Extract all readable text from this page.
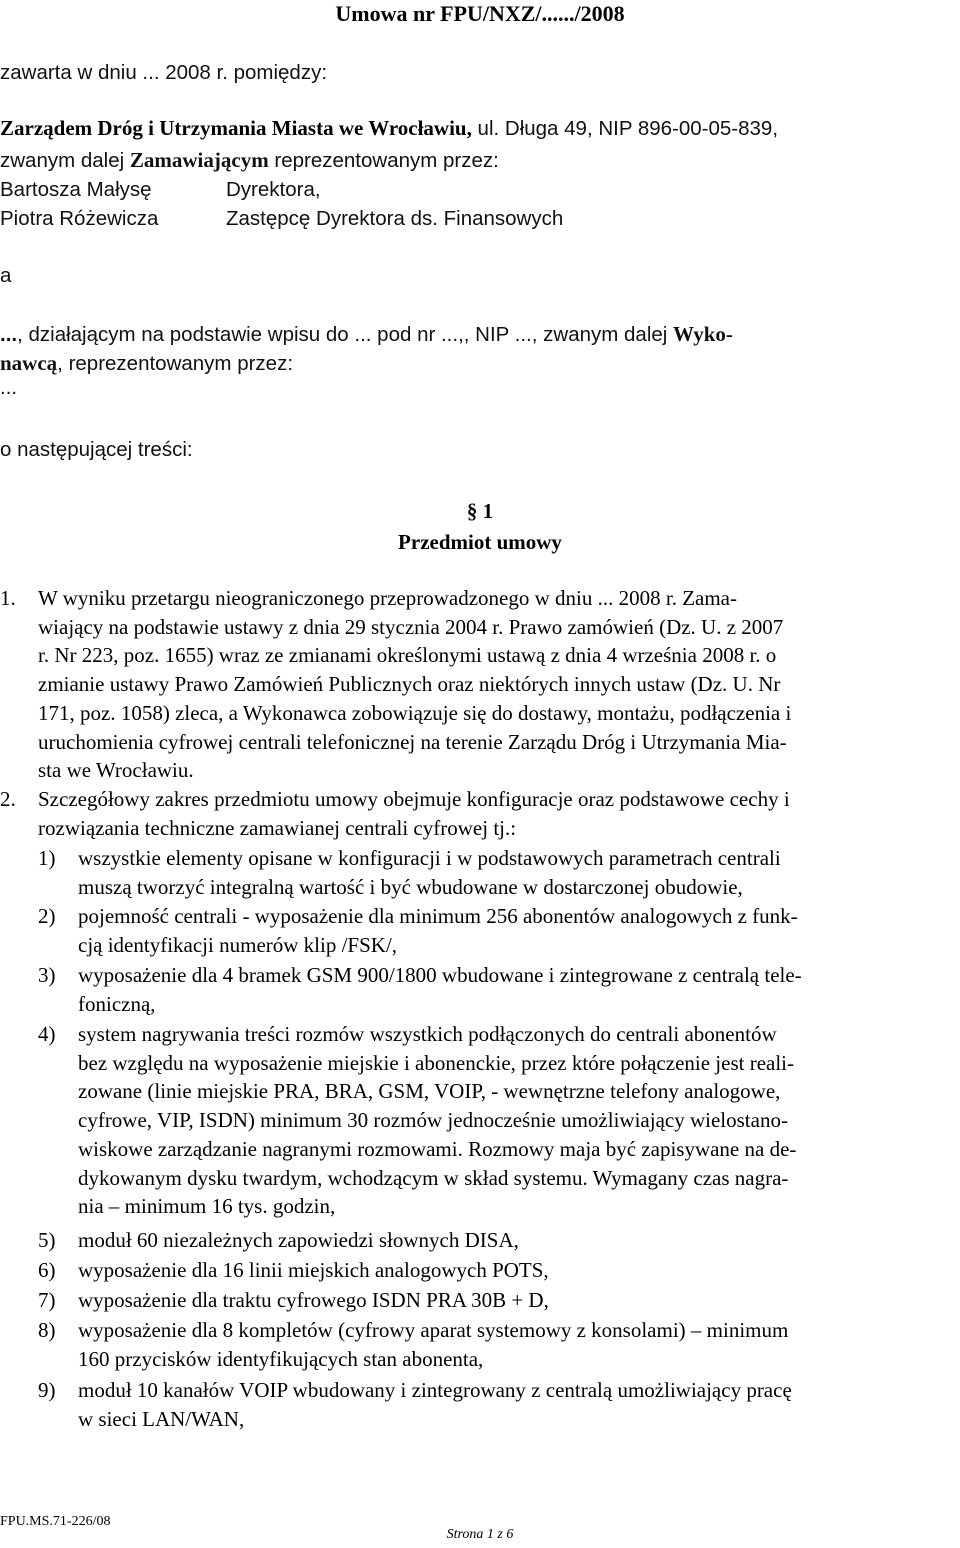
Umowa nr FPU/NXZ/....../2008
zawarta w dniu ... 2008 r. pomiędzy:
Zarządem Dróg i Utrzymania Miasta we Wrocławiu, ul. Długa 49, NIP 896-00-05-839,
zwanym dalej Zamawiającym reprezentowanym przez:
Bartosza Małysę	Dyrektora,
Piotra Różewicza	Zastępcę Dyrektora ds. Finansowych
a
..., działającym na podstawie wpisu do ... pod nr ...,, NIP ..., zwanym dalej Wyko-
nawcą, reprezentowanym przez:
...
o następującej treści:
§ 1
Przedmiot umowy
1. W wyniku przetargu nieograniczonego przeprowadzonego w dniu ... 2008 r. Zama-
wiający na podstawie ustawy z dnia 29 stycznia 2004 r. Prawo zamówień (Dz. U. z 2007
r. Nr 223, poz. 1655) wraz ze zmianami określonymi ustawą z dnia 4 września 2008 r. o
zmianie ustawy Prawo Zamówień Publicznych oraz niektórych innych ustaw (Dz. U. Nr
171, poz. 1058) zleca, a Wykonawca zobowiązuje się do dostawy, montażu, podłączenia i
uruchomienia cyfrowej centrali telefonicznej na terenie Zarządu Dróg i Utrzymania Mia-
sta we Wrocławiu.
2. Szczegółowy zakres przedmiotu umowy obejmuje konfiguracje oraz podstawowe cechy i
rozwiązania techniczne zamawianej centrali cyfrowej tj.:
1) wszystkie elementy opisane w konfiguracji i w podstawowych parametrach centrali
muszą tworzyć integralną wartość i być wbudowane w dostarczonej obudowie,
2) pojemność centrali - wyposażenie dla minimum 256 abonentów analogowych z funk-
cją identyfikacji numerów klip /FSK/,
3) wyposażenie dla 4 bramek GSM 900/1800 wbudowane i zintegrowane z centralą tele-
foniczną,
4) system nagrywania treści rozmów wszystkich podłączonych do centrali abonentów
bez względu na wyposażenie miejskie i abonenckie, przez które połączenie jest reali-
zowane (linie miejskie PRA, BRA, GSM, VOIP, - wewnętrzne telefony analogowe,
cyfrowe, VIP, ISDN) minimum 30 rozmów jednocześnie umożliwiający wielostano-
wiskowe zarządzanie nagranymi rozmowami. Rozmowy maja być zapisywane na de-
dykowanym dysku twardym, wchodzącym w skład systemu. Wymagany czas nagra-
nia – minimum 16 tys. godzin,
5) moduł 60 niezależnych zapowiedzi słownych DISA,
6) wyposażenie dla 16 linii miejskich analogowych POTS,
7) wyposażenie dla traktu cyfrowego ISDN PRA 30B + D,
8) wyposażenie dla 8 kompletów (cyfrowy aparat systemowy z konsolami) – minimum
160 przycisków identyfikujących stan abonenta,
9) moduł 10 kanałów VOIP wbudowany i zintegrowany z centralą umożliwiający pracę
w sieci LAN/WAN,
FPU.MS.71-226/08
Strona 1 z 6
